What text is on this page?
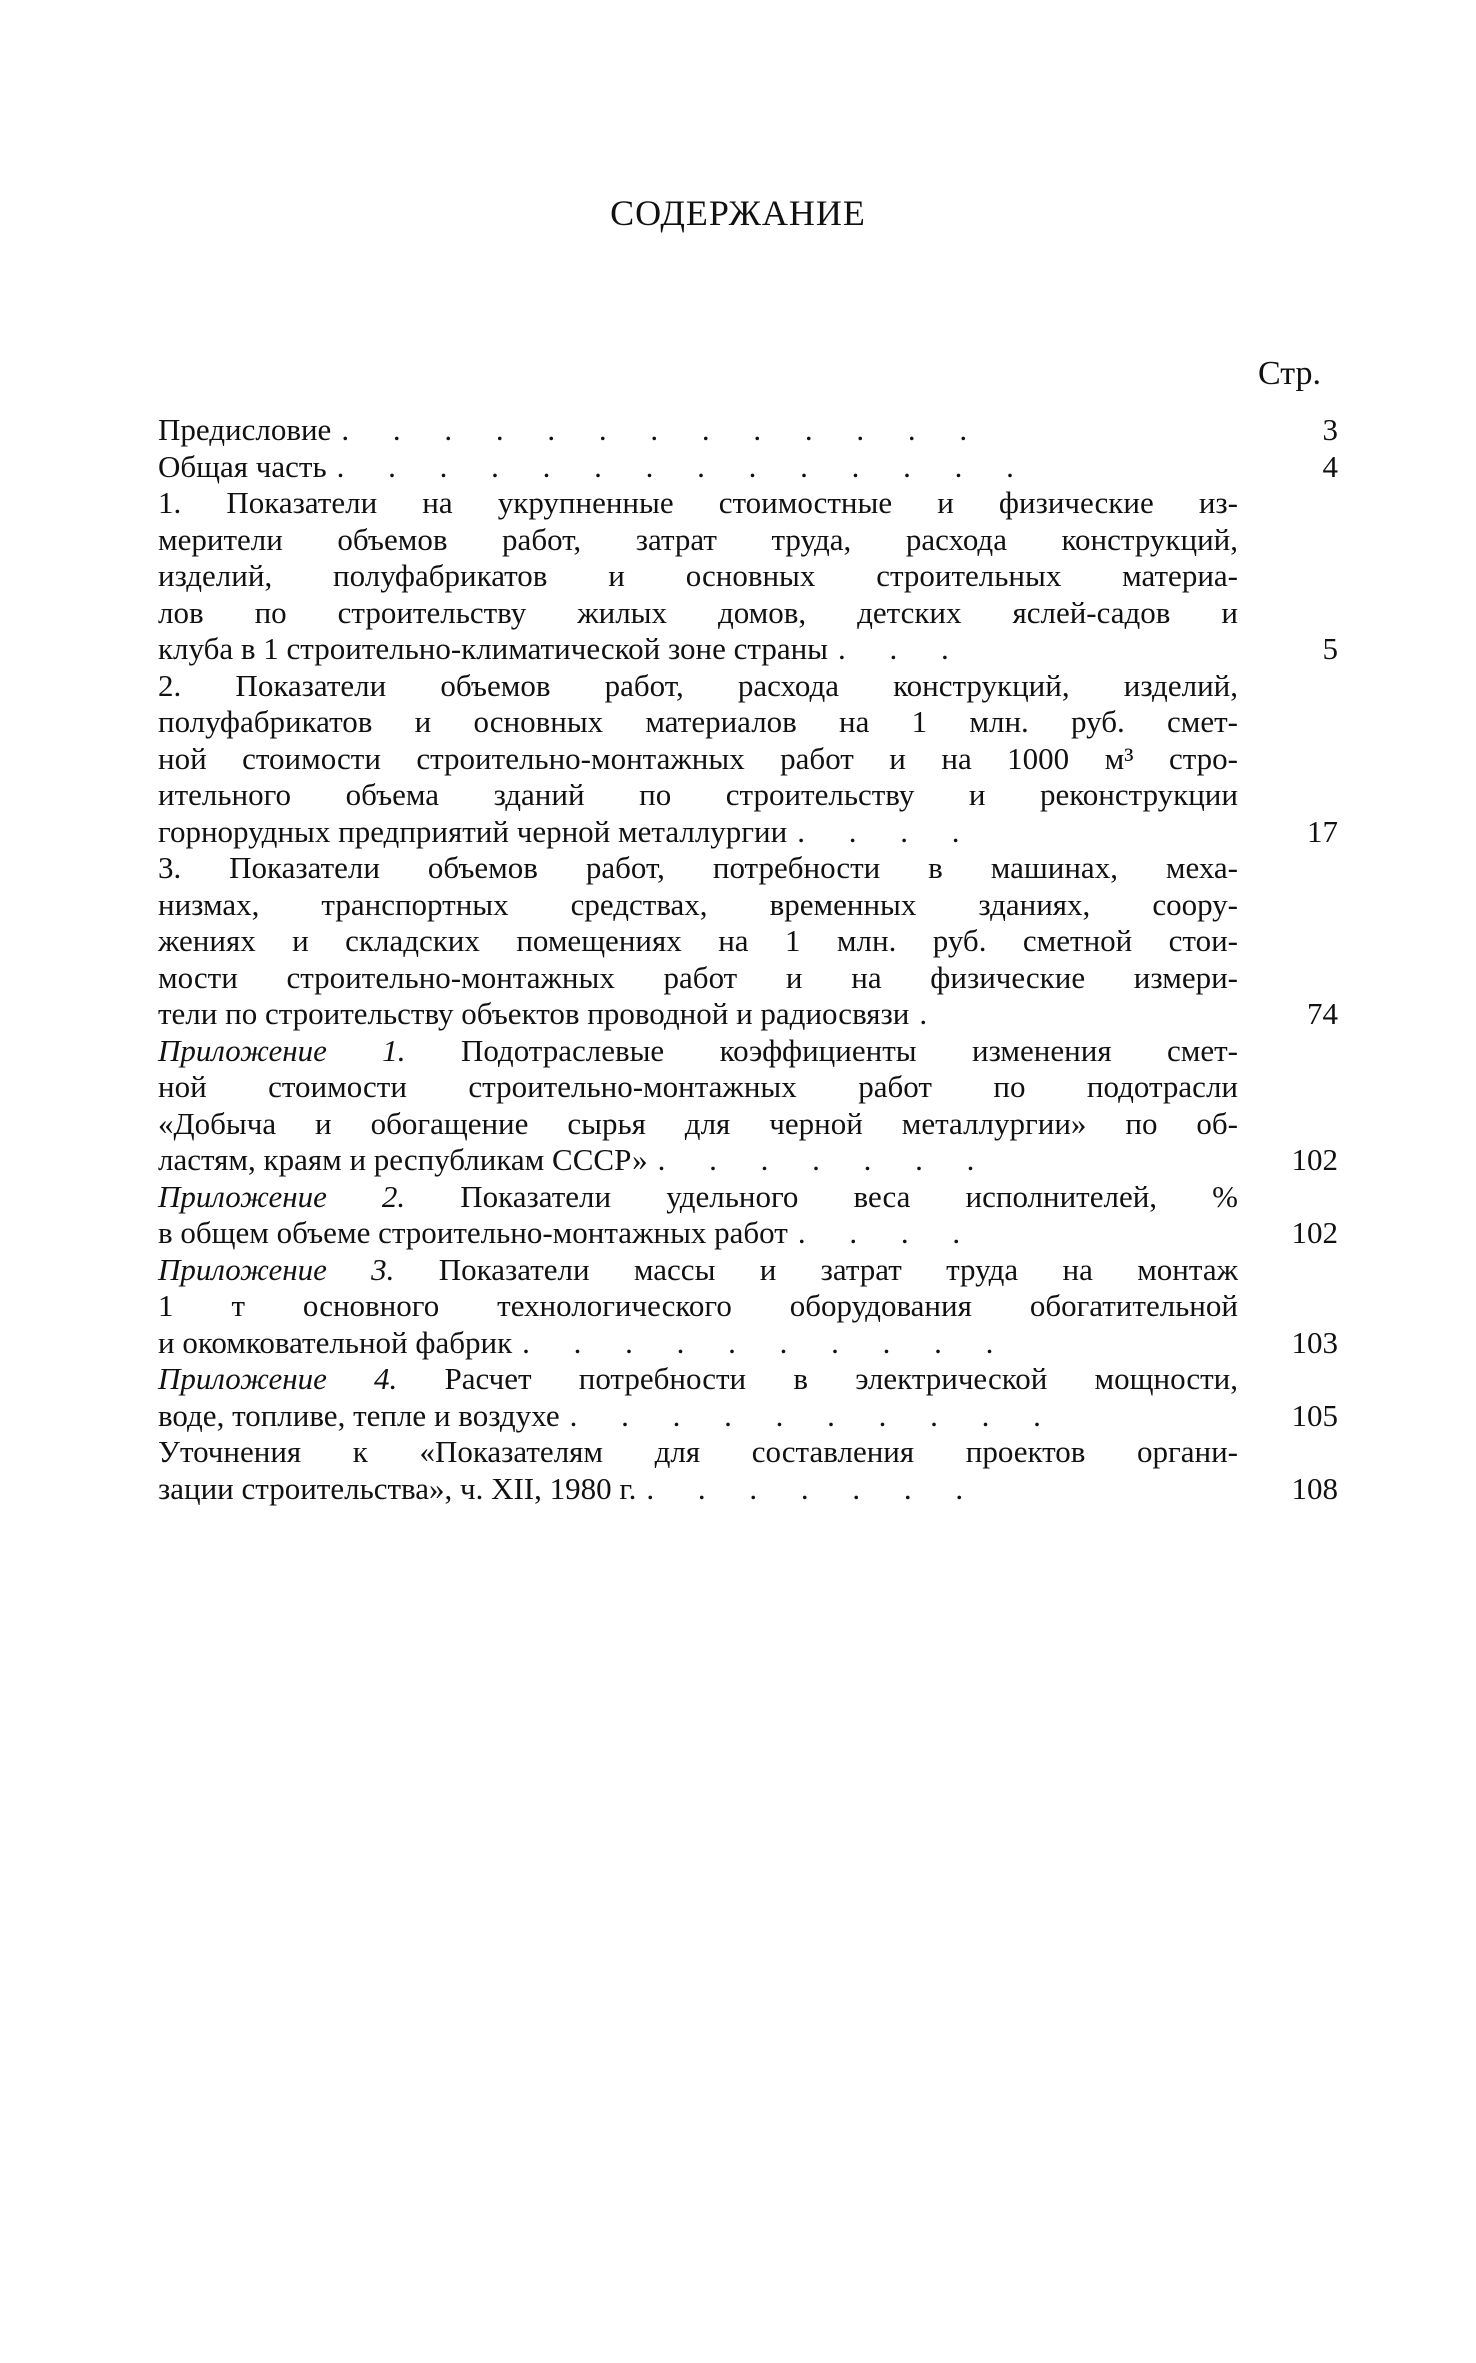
СОДЕРЖАНИЕ
Стр.
Предисловие . . . . . . . . . . . . .	3
Общая часть . . . . . . . . . . . . . .	4
1. Показатели на укрупненные стоимостные и физические из-
мерители объемов работ, затрат труда, расхода конструкций,
изделий, полуфабрикатов и основных строительных материа-
лов по строительству жилых домов, детских яслей-садов и
клуба в 1 строительно-климатической зоне страны . . .	5
2. Показатели объемов работ, расхода конструкций, изделий,
полуфабрикатов и основных материалов на 1 млн. руб. смет-
ной стоимости строительно-монтажных работ и на 1000 м³ стро-
ительного объема зданий по строительству и реконструкции
горнорудных предприятий черной металлургии . . . .	17
3. Показатели объемов работ, потребности в машинах, меха-
низмах, транспортных средствах, временных зданиях, соору-
жениях и складских помещениях на 1 млн. руб. сметной стои-
мости строительно-монтажных работ и на физические измери-
тели по строительству объектов проводной и радиосвязи .	74
Приложение 1. Подотраслевые коэффициенты изменения смет-
ной стоимости строительно-монтажных работ по подотрасли
«Добыча и обогащение сырья для черной металлургии» по об-
ластям, краям и республикам СССР» . . . . . . .	102
Приложение 2. Показатели удельного веса исполнителей, %
в общем объеме строительно-монтажных работ . . . .	102
Приложение 3. Показатели массы и затрат труда на монтаж
1 т основного технологического оборудования обогатительной
и окомковательной фабрик . . . . . . . . . .	103
Приложение 4. Расчет потребности в электрической мощности,
воде, топливе, тепле и воздухе . . . . . . . . . .	105
Уточнения к «Показателям для составления проектов органи-
зации строительства», ч. XII, 1980 г. . . . . . . .	108
